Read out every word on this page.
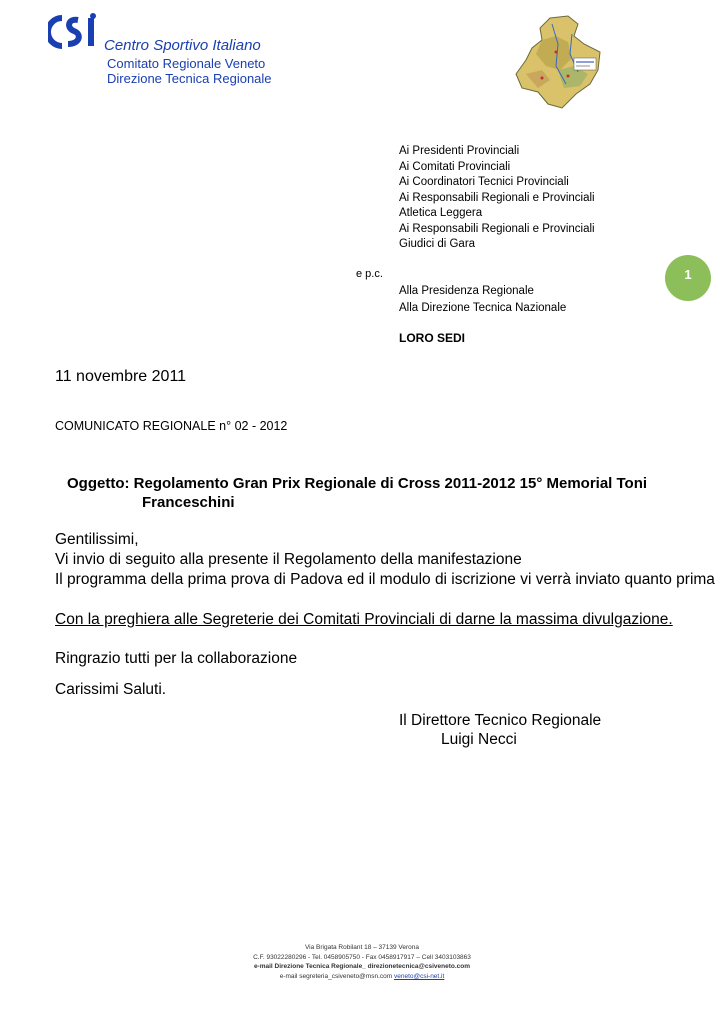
Centro Sportivo Italiano
Comitato Regionale Veneto
Direzione Tecnica Regionale
Ai Presidenti Provinciali
Ai Comitati Provinciali
Ai Coordinatori Tecnici Provinciali
Ai Responsabili Regionali e Provinciali
Atletica Leggera
Ai Responsabili Regionali e Provinciali
Giudici di Gara
e p.c.
Alla Presidenza Regionale
Alla Direzione Tecnica Nazionale
LORO SEDI
1
11 novembre 2011
COMUNICATO REGIONALE n° 02 - 2012
Oggetto: Regolamento Gran Prix Regionale di Cross 2011-2012 15° Memorial Toni
Franceschini
Gentilissimi,
Vi invio di seguito alla presente il Regolamento della manifestazione
Il programma della prima prova di Padova ed il modulo di iscrizione vi verrà inviato quanto prima
Con la preghiera alle Segreterie dei Comitati Provinciali di darne la massima divulgazione.
Ringrazio tutti per la collaborazione
Carissimi Saluti.
Il Direttore Tecnico Regionale
Luigi Necci
Via Brigata Robilant 18 – 37139 Verona
C.F. 93022280296 - Tel. 0458905750 - Fax 0458917917 – Cell 3403103863
e-mail Direzione Tecnica Regionale_ direzionetecnica@csiveneto.com
e-mail segreteria_csiveneto@msn.com veneto@csi-net.it
